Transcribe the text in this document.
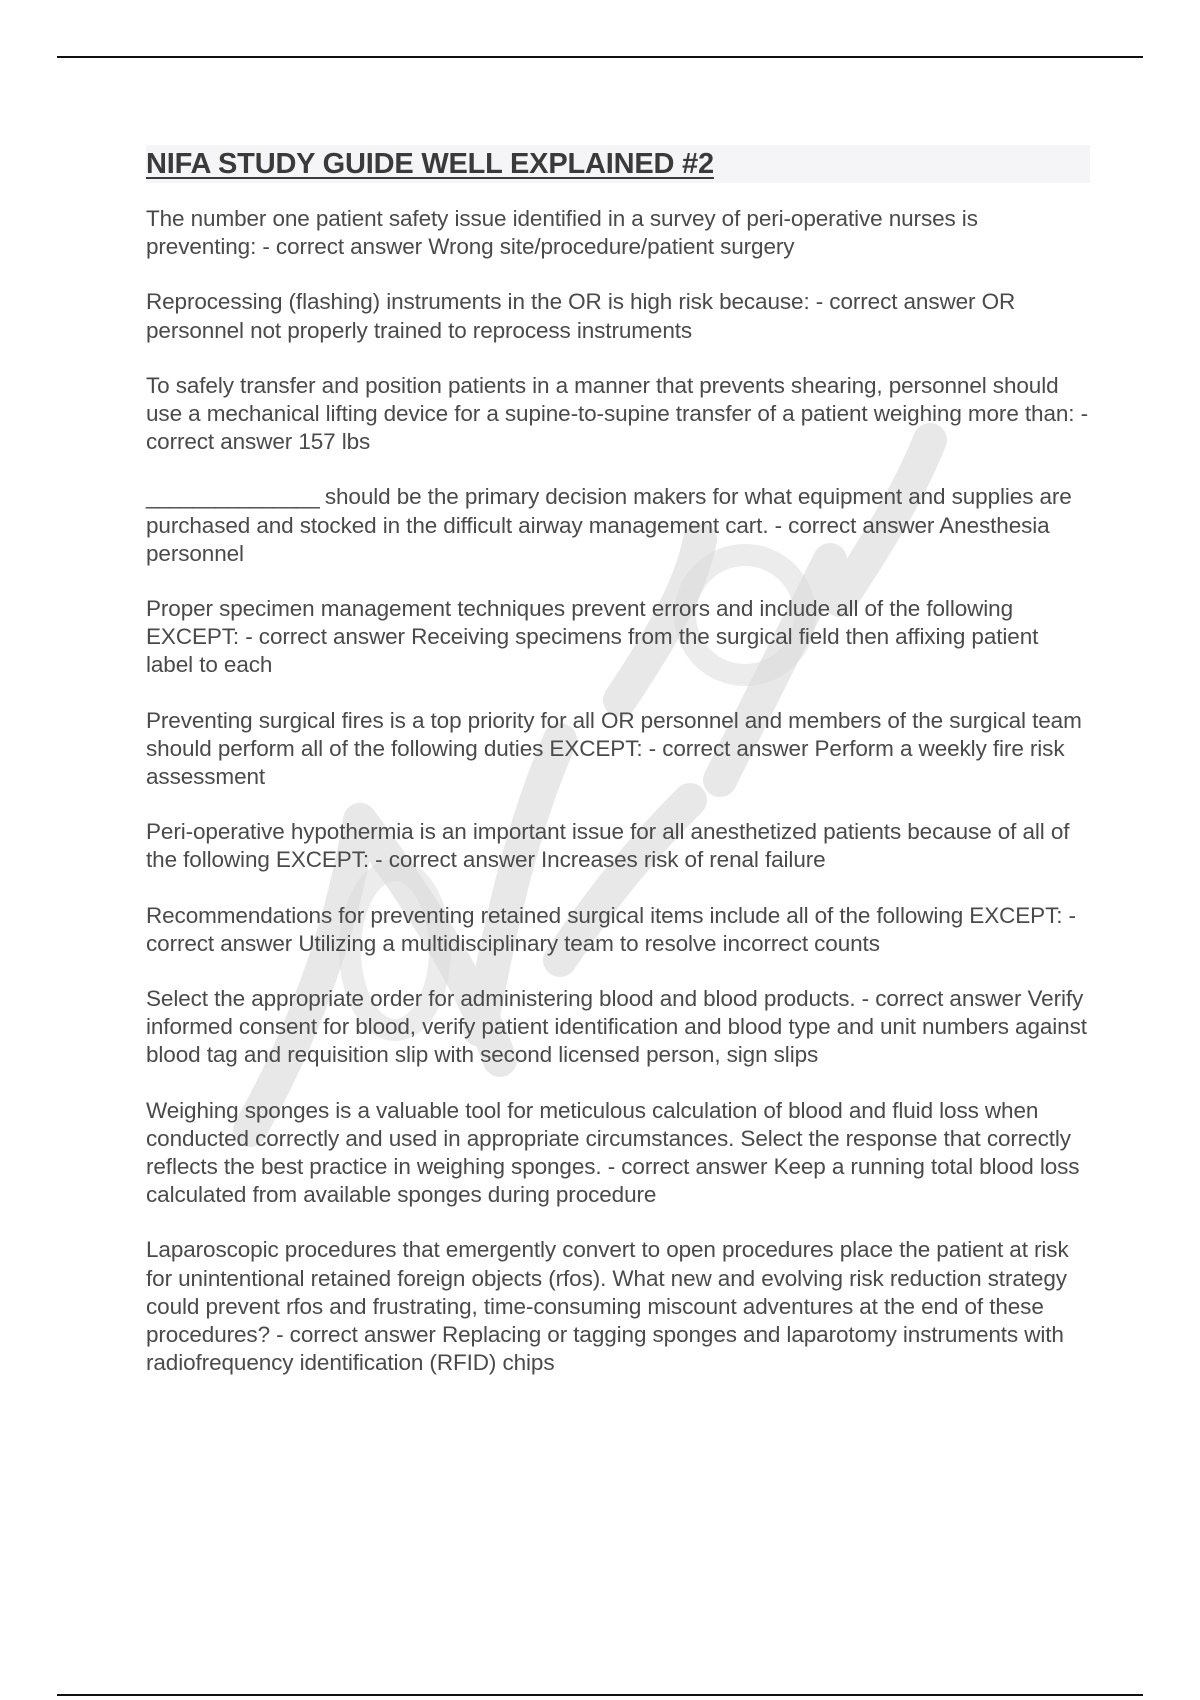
NIFA STUDY GUIDE WELL EXPLAINED #2

The number one patient safety issue identified in a survey of peri-operative nurses is preventing: - correct answer Wrong site/procedure/patient surgery

Reprocessing (flashing) instruments in the OR is high risk because: - correct answer OR personnel not properly trained to reprocess instruments

To safely transfer and position patients in a manner that prevents shearing, personnel should use a mechanical lifting device for a supine-to-supine transfer of a patient weighing more than: - correct answer 157 lbs

_______________ should be the primary decision makers for what equipment and supplies are purchased and stocked in the difficult airway management cart. - correct answer Anesthesia personnel

Proper specimen management techniques prevent errors and include all of the following EXCEPT: - correct answer Receiving specimens from the surgical field then affixing patient label to each

Preventing surgical fires is a top priority for all OR personnel and members of the surgical team should perform all of the following duties EXCEPT: - correct answer Perform a weekly fire risk assessment

Peri-operative hypothermia is an important issue for all anesthetized patients because of all of the following EXCEPT: - correct answer Increases risk of renal failure

Recommendations for preventing retained surgical items include all of the following EXCEPT: - correct answer Utilizing a multidisciplinary team to resolve incorrect counts

Select the appropriate order for administering blood and blood products. - correct answer Verify informed consent for blood, verify patient identification and blood type and unit numbers against blood tag and requisition slip with second licensed person, sign slips

Weighing sponges is a valuable tool for meticulous calculation of blood and fluid loss when conducted correctly and used in appropriate circumstances. Select the response that correctly reflects the best practice in weighing sponges. - correct answer Keep a running total blood loss calculated from available sponges during procedure

Laparoscopic procedures that emergently convert to open procedures place the patient at risk for unintentional retained foreign objects (rfos). What new and evolving risk reduction strategy could prevent rfos and frustrating, time-consuming miscount adventures at the end of these procedures? - correct answer Replacing or tagging sponges and laparotomy instruments with radiofrequency identification (RFID) chips
